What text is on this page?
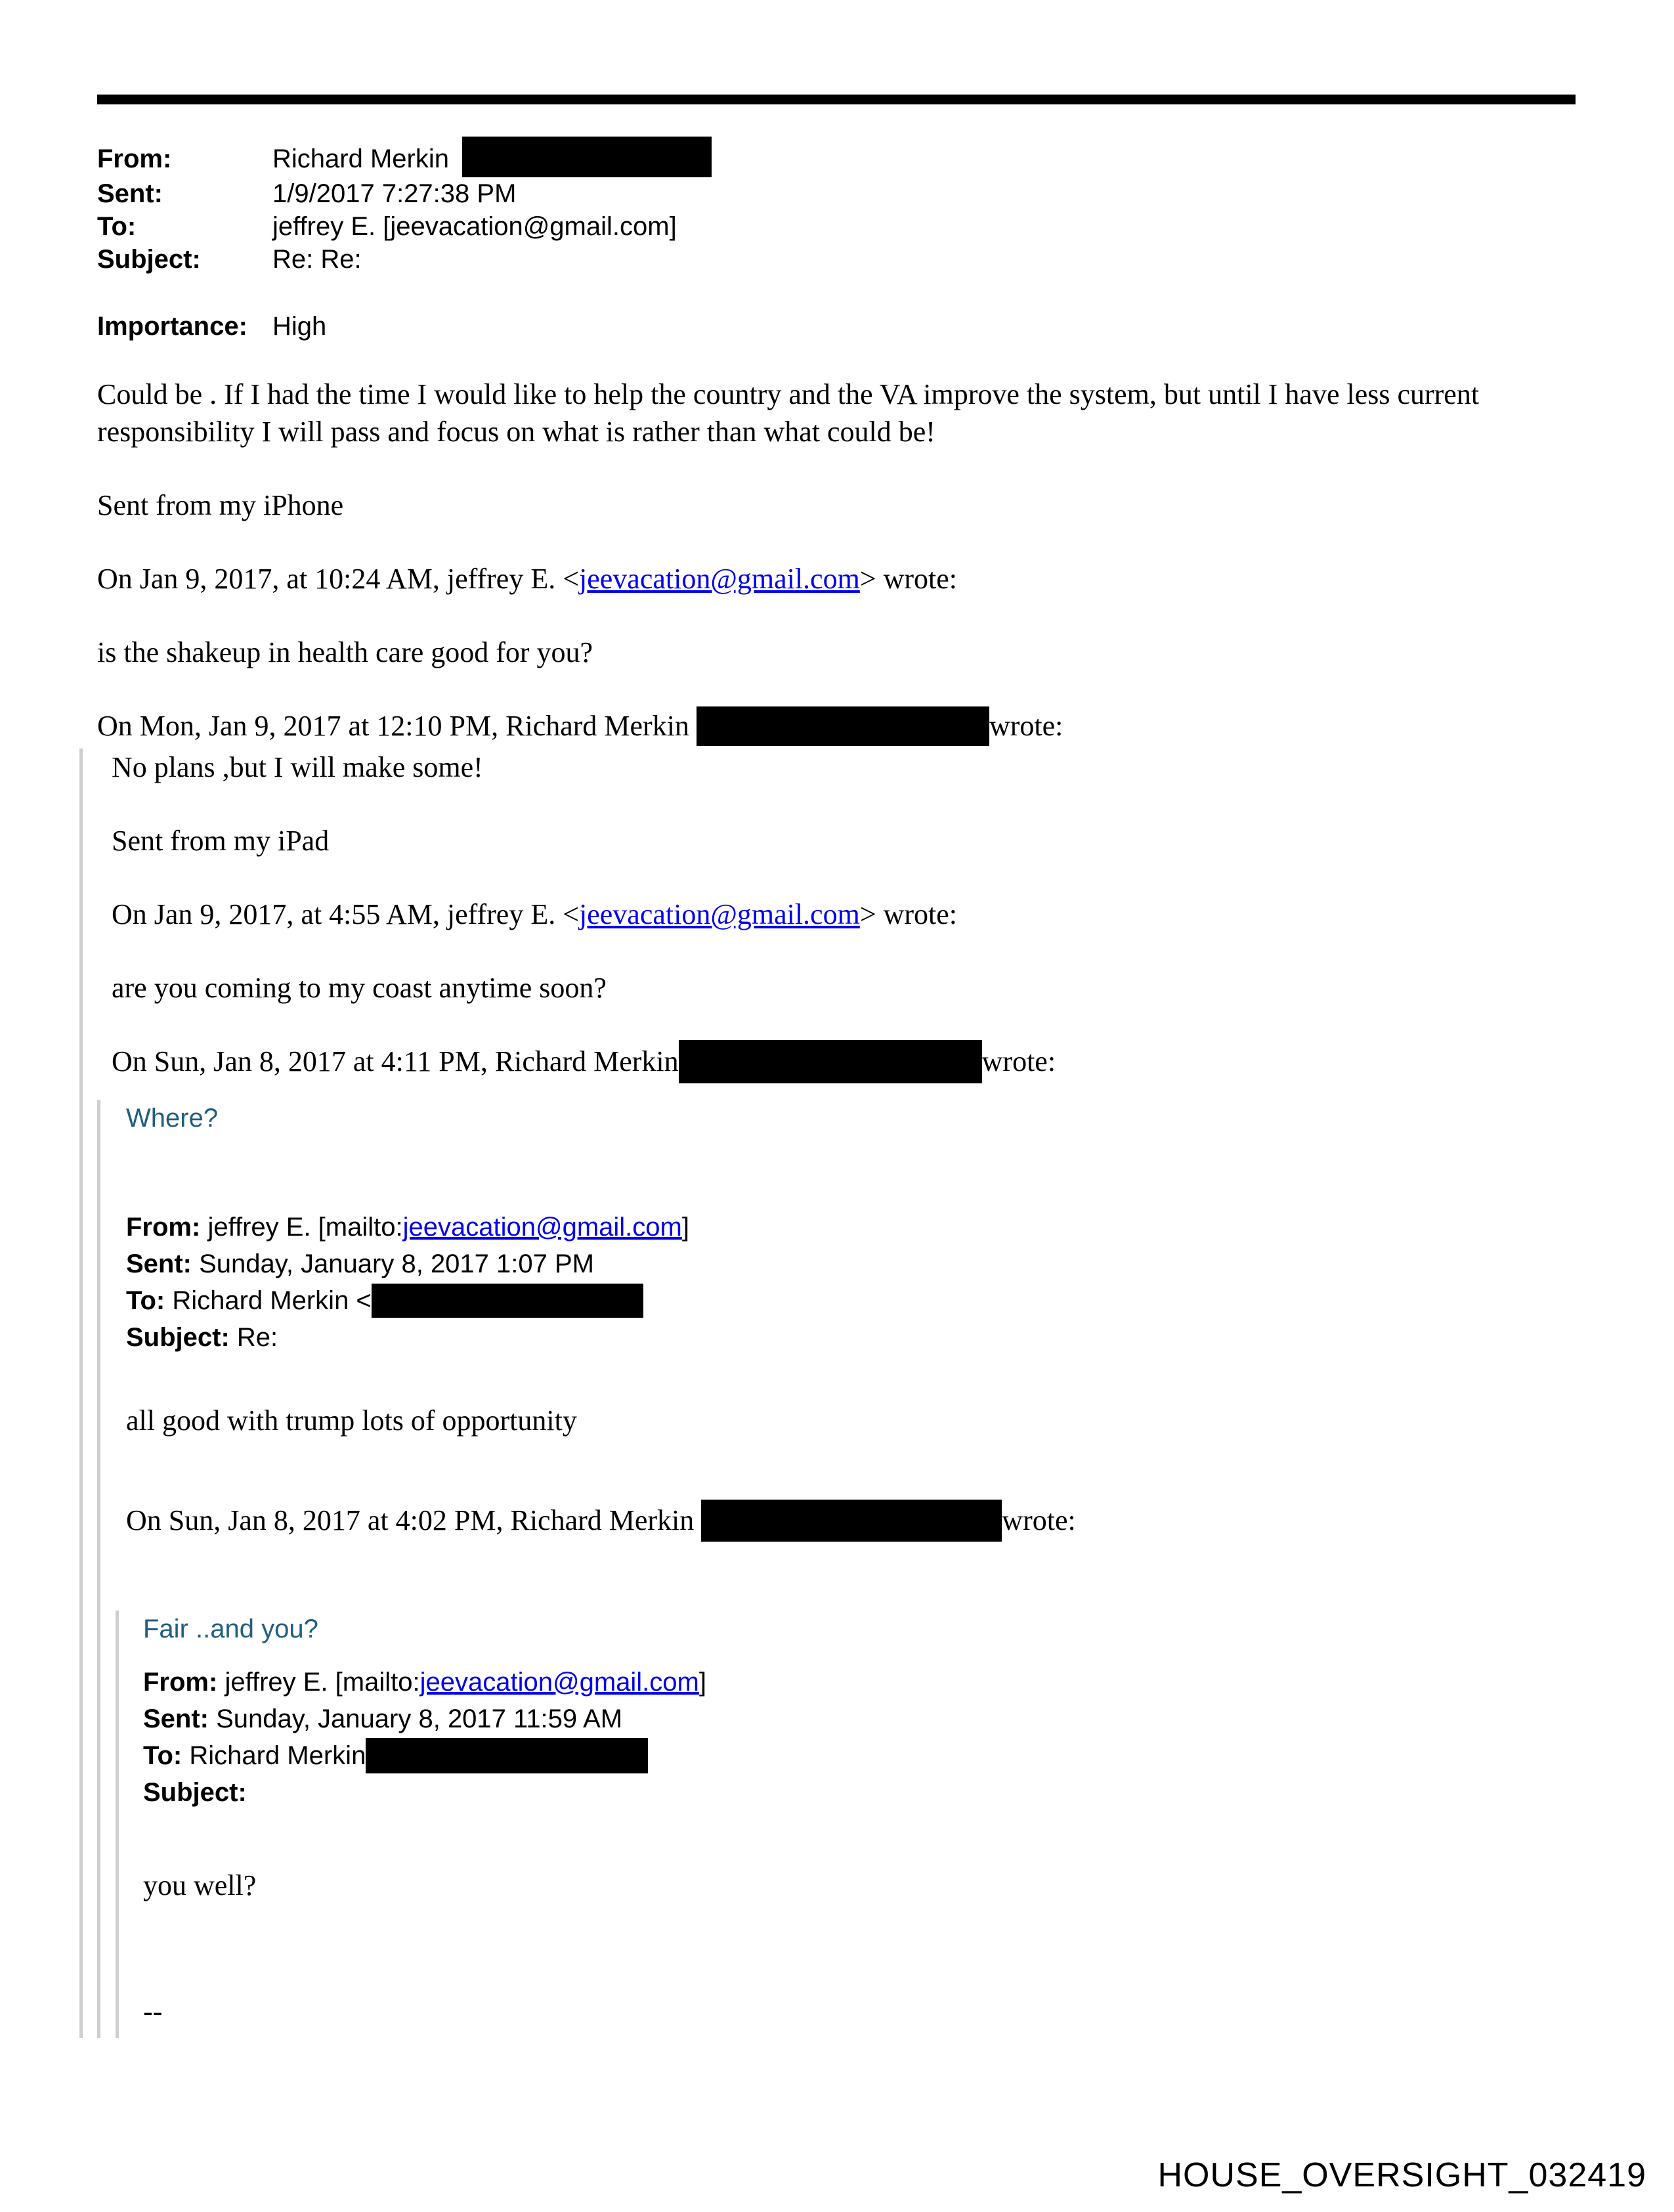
From:	Richard Merkin
Sent:	1/9/2017 7:27:38 PM
To:	jeffrey E. [jeevacation@gmail.com]
Subject:	Re: Re:
Importance: High
Could be . If I had the time I would like to help the country and the VA improve the system, but until I have less current responsibility I will pass and focus on what is rather than what could be!
Sent from my iPhone
On Jan 9, 2017, at 10:24 AM, jeffrey E. <jeevacation@gmail.com> wrote:
is the shakeup in health care good for you?
On Mon, Jan 9, 2017 at 12:10 PM, Richard Merkin	wrote:
No plans ,but I will make some!
Sent from my iPad
On Jan 9, 2017, at 4:55 AM, jeffrey E. <jeevacation@gmail.com> wrote:
are you coming to my coast anytime soon?
On Sun, Jan 8, 2017 at 4:11 PM, Richard Merkin	wrote:
Where?
From: jeffrey E. [mailto:jeevacation@gmail.com]
Sent: Sunday, January 8, 2017 1:07 PM
To: Richard Merkin <
Subject: Re:
all good with trump lots of opportunity
On Sun, Jan 8, 2017 at 4:02 PM, Richard Merkin	wrote:
Fair ..and you?
From: jeffrey E. [mailto:jeevacation@gmail.com]
Sent: Sunday, January 8, 2017 11:59 AM
To: Richard Merkin
Subject:
you well?
--
HOUSE_OVERSIGHT_032419
